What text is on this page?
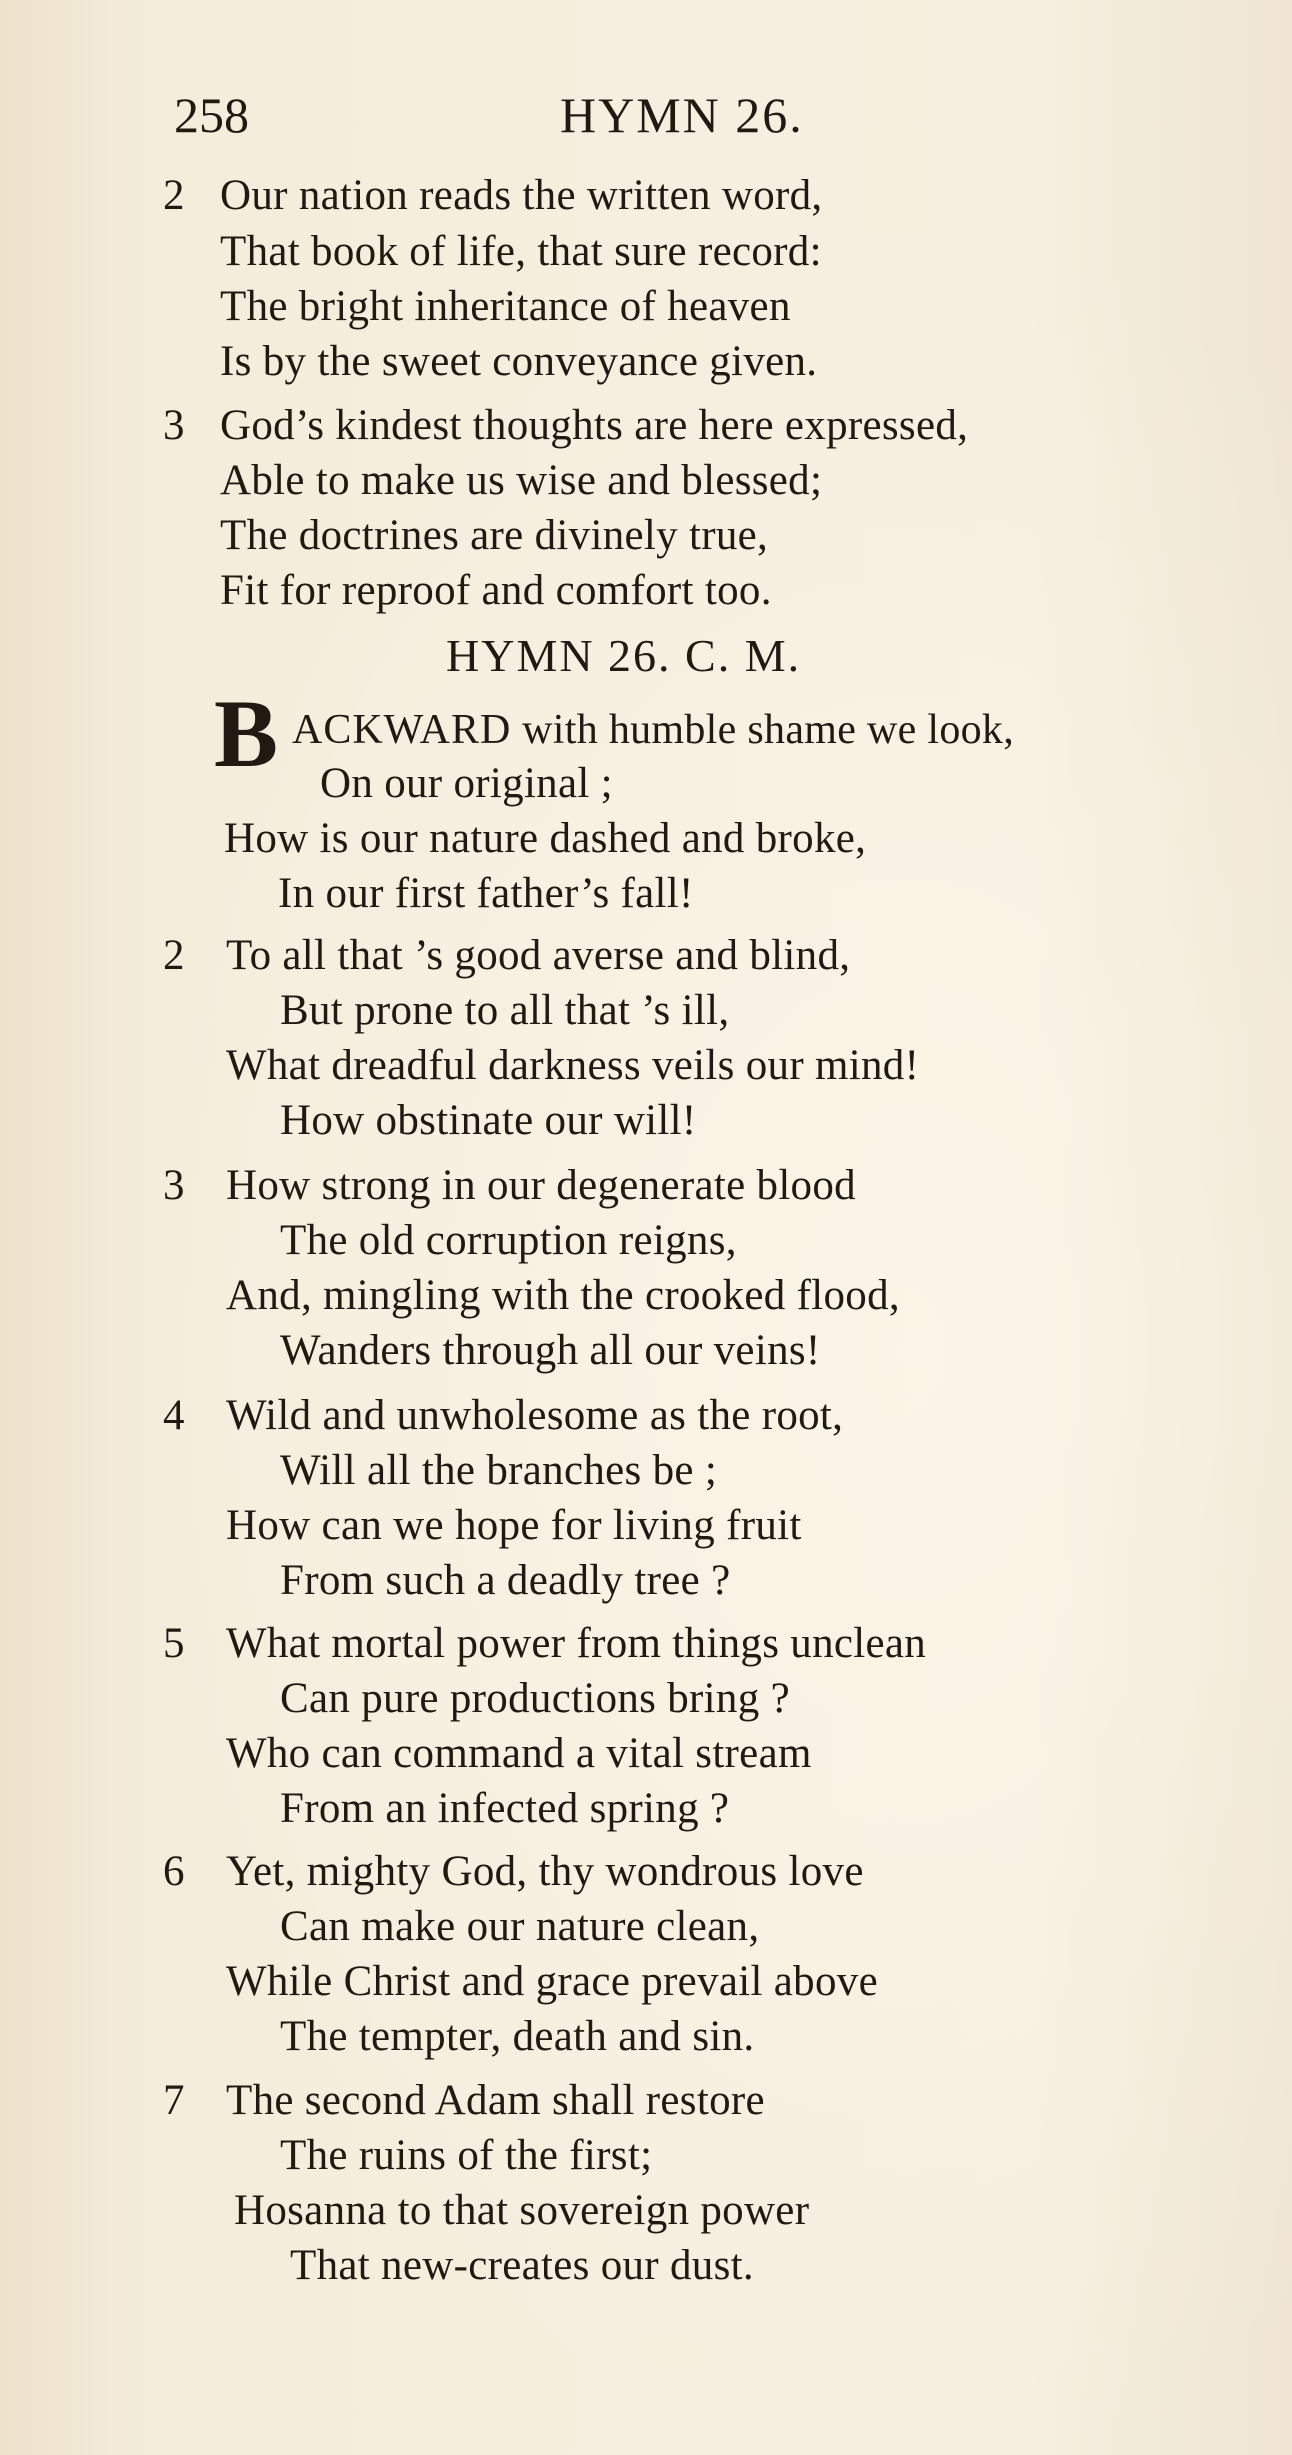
258	HYMN 26.
2 Our nation reads the written word,
That book of life, that sure record:
The bright inheritance of heaven
Is by the sweet conveyance given.
3 God’s kindest thoughts are here expressed,
Able to make us wise and blessed;
The doctrines are divinely true,
Fit for reproof and comfort too.
HYMN 26. C. M.
B ACKWARD with humble shame we look,
On our original ;
How is our nature dashed and broke,
In our first father’s fall!
2 To all that ’s good averse and blind,
But prone to all that ’s ill,
What dreadful darkness veils our mind!
How obstinate our will!
3 How strong in our degenerate blood
The old corruption reigns,
And, mingling with the crooked flood,
Wanders through all our veins!
4 Wild and unwholesome as the root,
Will all the branches be ;
How can we hope for living fruit
From such a deadly tree ?
5 What mortal power from things unclean
Can pure productions bring ?
Who can command a vital stream
From an infected spring ?
6 Yet, mighty God, thy wondrous love
Can make our nature clean,
While Christ and grace prevail above
The tempter, death and sin.
7 The second Adam shall restore
The ruins of the first;
Hosanna to that sovereign power
That new-creates our dust.
